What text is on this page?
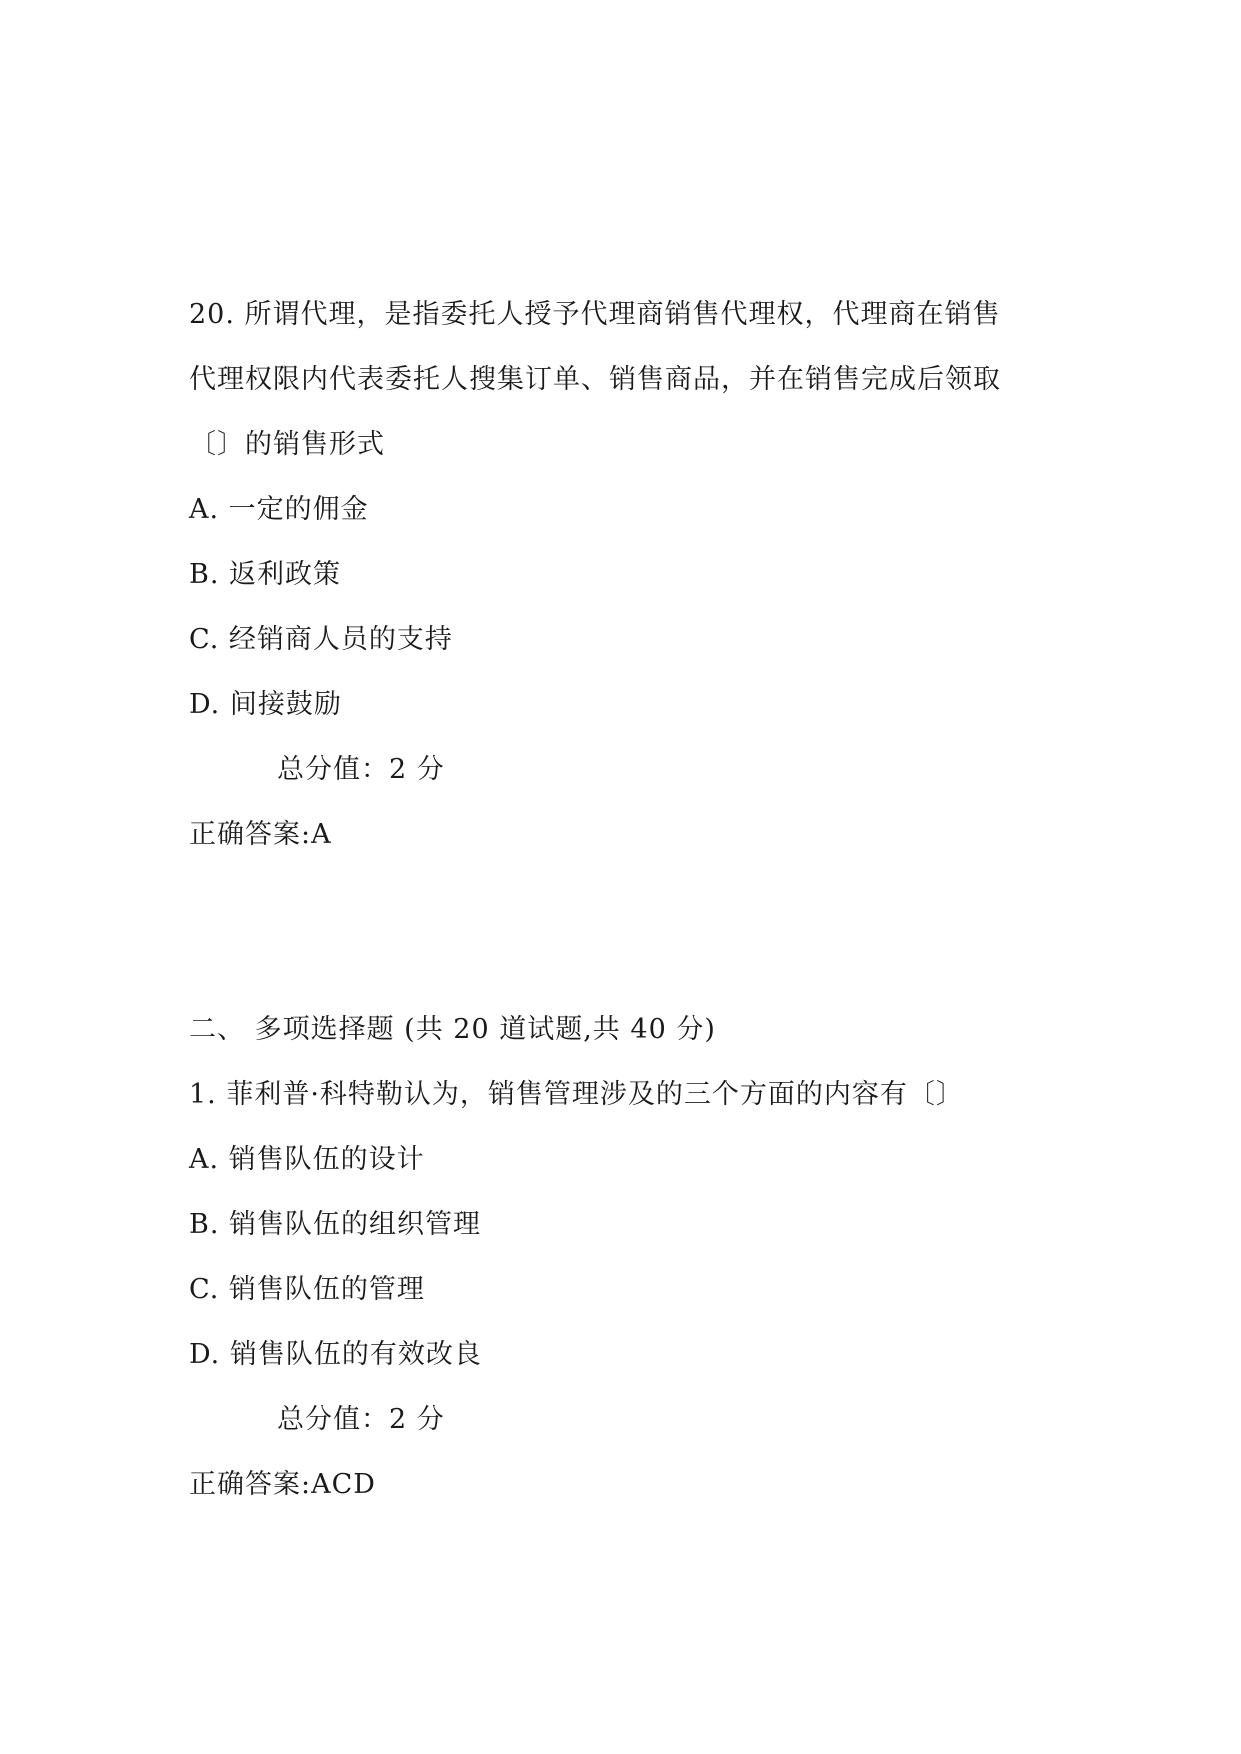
20. 所谓代理，是指委托人授予代理商销售代理权，代理商在销售
代理权限内代表委托人搜集订单、销售商品，并在销售完成后领取
〔〕的销售形式
A. 一定的佣金
B. 返利政策
C. 经销商人员的支持
D. 间接鼓励
总分值：2 分
正确答案:A
二、 多项选择题 (共 20 道试题,共 40 分)
1. 菲利普·科特勒认为，销售管理涉及的三个方面的内容有〔〕
A. 销售队伍的设计
B. 销售队伍的组织管理
C. 销售队伍的管理
D. 销售队伍的有效改良
总分值：2 分
正确答案:ACD
